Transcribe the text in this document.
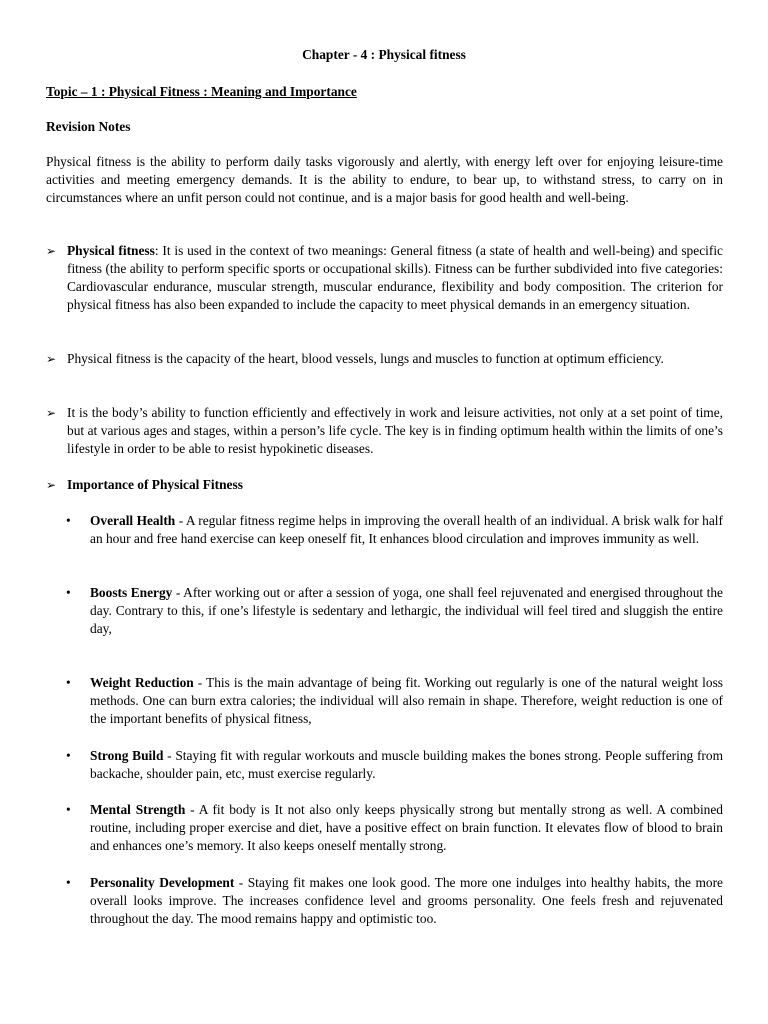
Chapter - 4 : Physical fitness
Topic – 1 : Physical Fitness : Meaning and Importance
Revision Notes

Physical fitness is the ability to perform daily tasks vigorously and alertly, with energy left over for enjoying leisure-time activities and meeting emergency demands. It is the ability to endure, to bear up, to withstand stress, to carry on in circumstances where an unfit person could not continue, and is a major basis for good health and well-being.

➢ Physical fitness: It is used in the context of two meanings: General fitness (a state of health and well-being) and specific fitness (the ability to perform specific sports or occupational skills). Fitness can be further subdivided into five categories: Cardiovascular endurance, muscular strength, muscular endurance, flexibility and body composition. The criterion for physical fitness has also been expanded to include the capacity to meet physical demands in an emergency situation.
➢ Physical fitness is the capacity of the heart, blood vessels, lungs and muscles to function at optimum efficiency.
➢ It is the body’s ability to function efficiently and effectively in work and leisure activities, not only at a set point of time, but at various ages and stages, within a person’s life cycle. The key is in finding optimum health within the limits of one’s lifestyle in order to be able to resist hypokinetic diseases.
➢ Importance of Physical Fitness
• Overall Health - A regular fitness regime helps in improving the overall health of an individual. A brisk walk for half an hour and free hand exercise can keep oneself fit, It enhances blood circulation and improves immunity as well.
• Boosts Energy - After working out or after a session of yoga, one shall feel rejuvenated and energised throughout the day. Contrary to this, if one’s lifestyle is sedentary and lethargic, the individual will feel tired and sluggish the entire day,
• Weight Reduction - This is the main advantage of being fit. Working out regularly is one of the natural weight loss methods. One can burn extra calories; the individual will also remain in shape. Therefore, weight reduction is one of the important benefits of physical fitness,
• Strong Build - Staying fit with regular workouts and muscle building makes the bones strong. People suffering from backache, shoulder pain, etc, must exercise regularly.
• Mental Strength - A fit body is It not also only keeps physically strong but mentally strong as well. A combined routine, including proper exercise and diet, have a positive effect on brain function. It elevates flow of blood to brain and enhances one’s memory. It also keeps oneself mentally strong.
• Personality Development - Staying fit makes one look good. The more one indulges into healthy habits, the more overall looks improve. The increases confidence level and grooms personality. One feels fresh and rejuvenated throughout the day. The mood remains happy and optimistic too.
